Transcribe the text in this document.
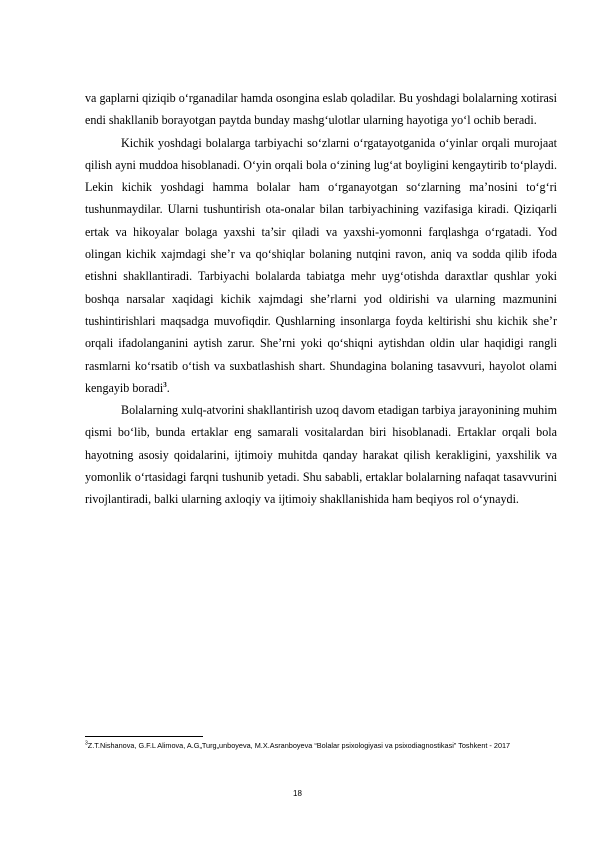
va gaplarni qiziqib o‘rganadilar hamda osongina eslab qoladilar. Bu yoshdagi bolalarning xotirasi endi shakllanib borayotgan paytda bunday mashg‘ulotlar ularning hayotiga yo‘l ochib beradi.

Kichik yoshdagi bolalarga tarbiyachi so‘zlarni o‘rgatayotganida o‘yinlar orqali murojaat qilish ayni muddoa hisoblanadi. O‘yin orqali bola o‘zining lug‘at boyligini kengaytirib to‘playdi. Lekin kichik yoshdagi hamma bolalar ham o‘rganayotgan so‘zlarning ma’nosini to‘g‘ri tushunmaydilar. Ularni tushuntirish ota-onalar bilan tarbiyachining vazifasiga kiradi. Qiziqarli ertak va hikoyalar bolaga yaxshi ta’sir qiladi va yaxshi-yomonni farqlashga o‘rgatadi. Yod olingan kichik xajmdagi she’r va qo‘shiqlar bolaning nutqini ravon, aniq va sodda qilib ifoda etishni shakllantiradi. Tarbiyachi bolalarda tabiatga mehr uyg‘otishda daraxtlar qushlar yoki boshqa narsalar xaqidagi kichik xajmdagi she’rlarni yod oldirishi va ularning mazmunini tushintirishlari maqsadga muvofiqdir. Qushlarning insonlarga foyda keltirishi shu kichik she’r orqali ifadolanganini aytish zarur. She’rni yoki qo‘shiqni aytishdan oldin ular haqidigi rangli rasmlarni ko‘rsatib o‘tish va suxbatlashish shart. Shundagina bolaning tasavvuri, hayolot olami kengayib boradi$^3$.

Bolalarning xulq-atvorini shakllantirish uzoq davom etadigan tarbiya jarayonining muhim qismi bo‘lib, bunda ertaklar eng samarali vositalardan biri hisoblanadi. Ertaklar orqali bola hayotning asosiy qoidalarini, ijtimoiy muhitda qanday harakat qilish kerakligini, yaxshilik va yomonlik o‘rtasidagi farqni tushunib yetadi. Shu sababli, ertaklar bolalarning nafaqat tasavvurini rivojlantiradi, balki ularning axloqiy va ijtimoiy shakllanishida ham beqiyos rol o‘ynaydi.

$^3$Z.T.Nishanova, G.F.L Alimova, A.G„Turg„unboyeva, M.X.Asranboyeva “Bolalar psixologiyasi va psixodiagnostikasi” Toshkent - 2017

18
